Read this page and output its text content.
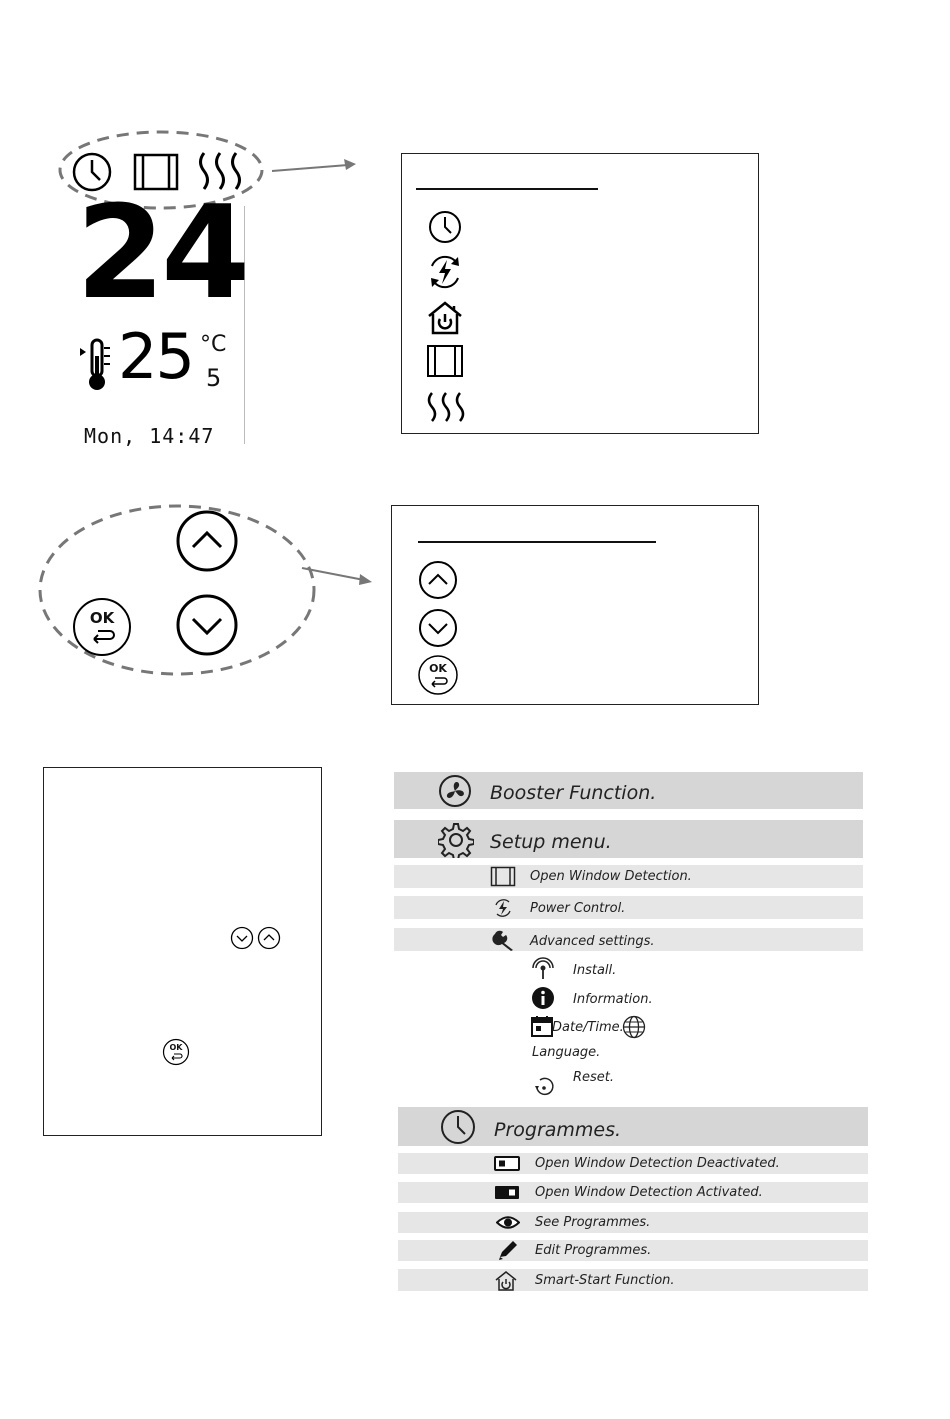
24
25 °C
5
Mon, 14:47
OK
OK
OK
Booster Function.
Setup menu.
Open Window Detection.
Power Control.
Advanced settings.
Install.
Information.
Date/Time.
Language.
Reset.
Programmes.
Open Window Detection Deactivated.
Open Window Detection Activated.
See Programmes.
Edit Programmes.
Smart-Start Function.
